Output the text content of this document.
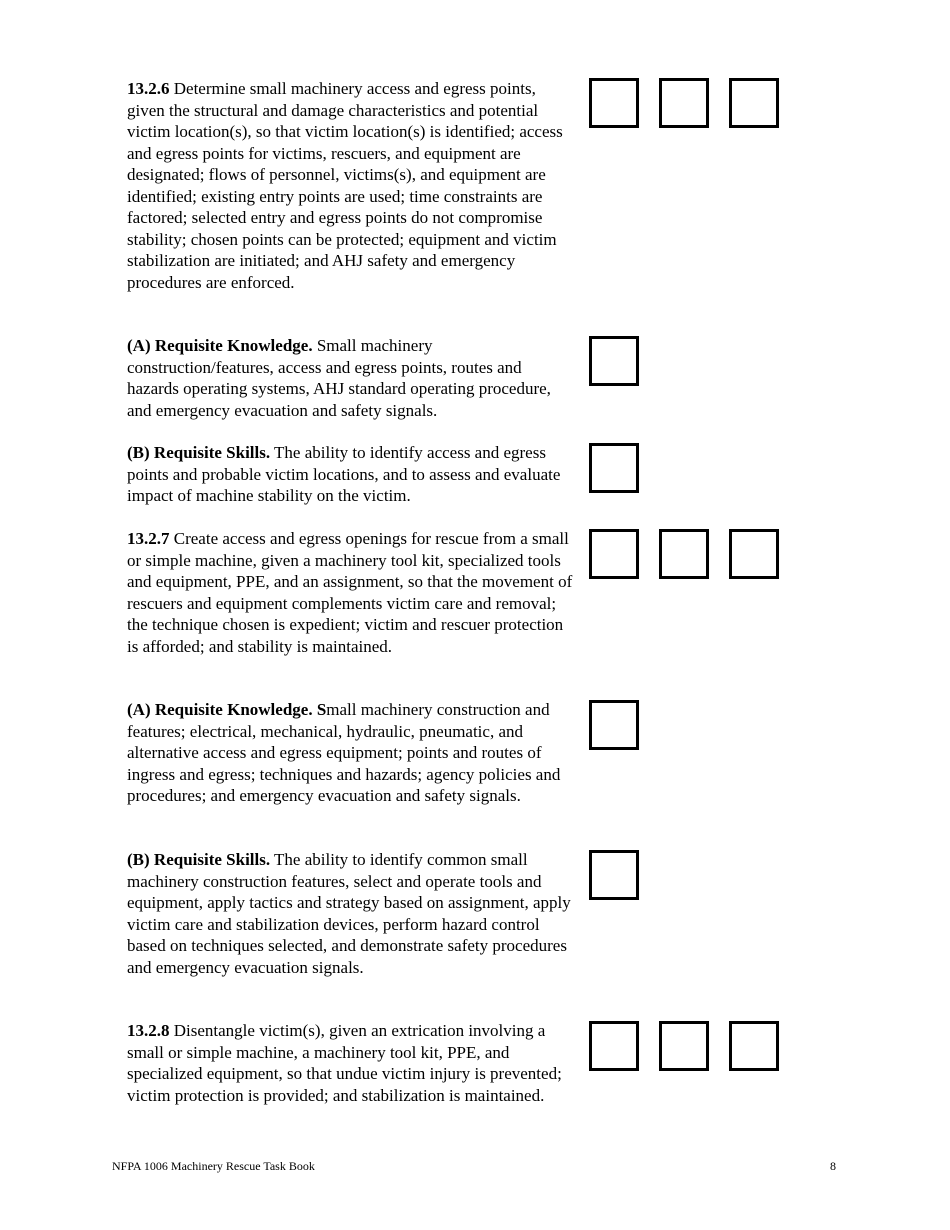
13.2.6 Determine small machinery access and egress points, given the structural and damage characteristics and potential victim location(s), so that victim location(s) is identified; access and egress points for victims, rescuers, and equipment are designated; flows of personnel, victims(s), and equipment are identified; existing entry points are used; time constraints are factored; selected entry and egress points do not compromise stability; chosen points can be protected; equipment and victim stabilization are initiated; and AHJ safety and emergency procedures are enforced.
(A) Requisite Knowledge. Small machinery construction/features, access and egress points, routes and hazards operating systems, AHJ standard operating procedure, and emergency evacuation and safety signals.
(B) Requisite Skills. The ability to identify access and egress points and probable victim locations, and to assess and evaluate impact of machine stability on the victim.
13.2.7 Create access and egress openings for rescue from a small or simple machine, given a machinery tool kit, specialized tools and equipment, PPE, and an assignment, so that the movement of rescuers and equipment complements victim care and removal; the technique chosen is expedient; victim and rescuer protection is afforded; and stability is maintained.
(A) Requisite Knowledge. Small machinery construction and features; electrical, mechanical, hydraulic, pneumatic, and alternative access and egress equipment; points and routes of ingress and egress; techniques and hazards; agency policies and procedures; and emergency evacuation and safety signals.
(B) Requisite Skills. The ability to identify common small machinery construction features, select and operate tools and equipment, apply tactics and strategy based on assignment, apply victim care and stabilization devices, perform hazard control based on techniques selected, and demonstrate safety procedures and emergency evacuation signals.
13.2.8 Disentangle victim(s), given an extrication involving a small or simple machine, a machinery tool kit, PPE, and specialized equipment, so that undue victim injury is prevented; victim protection is provided; and stabilization is maintained.
NFPA 1006 Machinery Rescue Task Book	8
